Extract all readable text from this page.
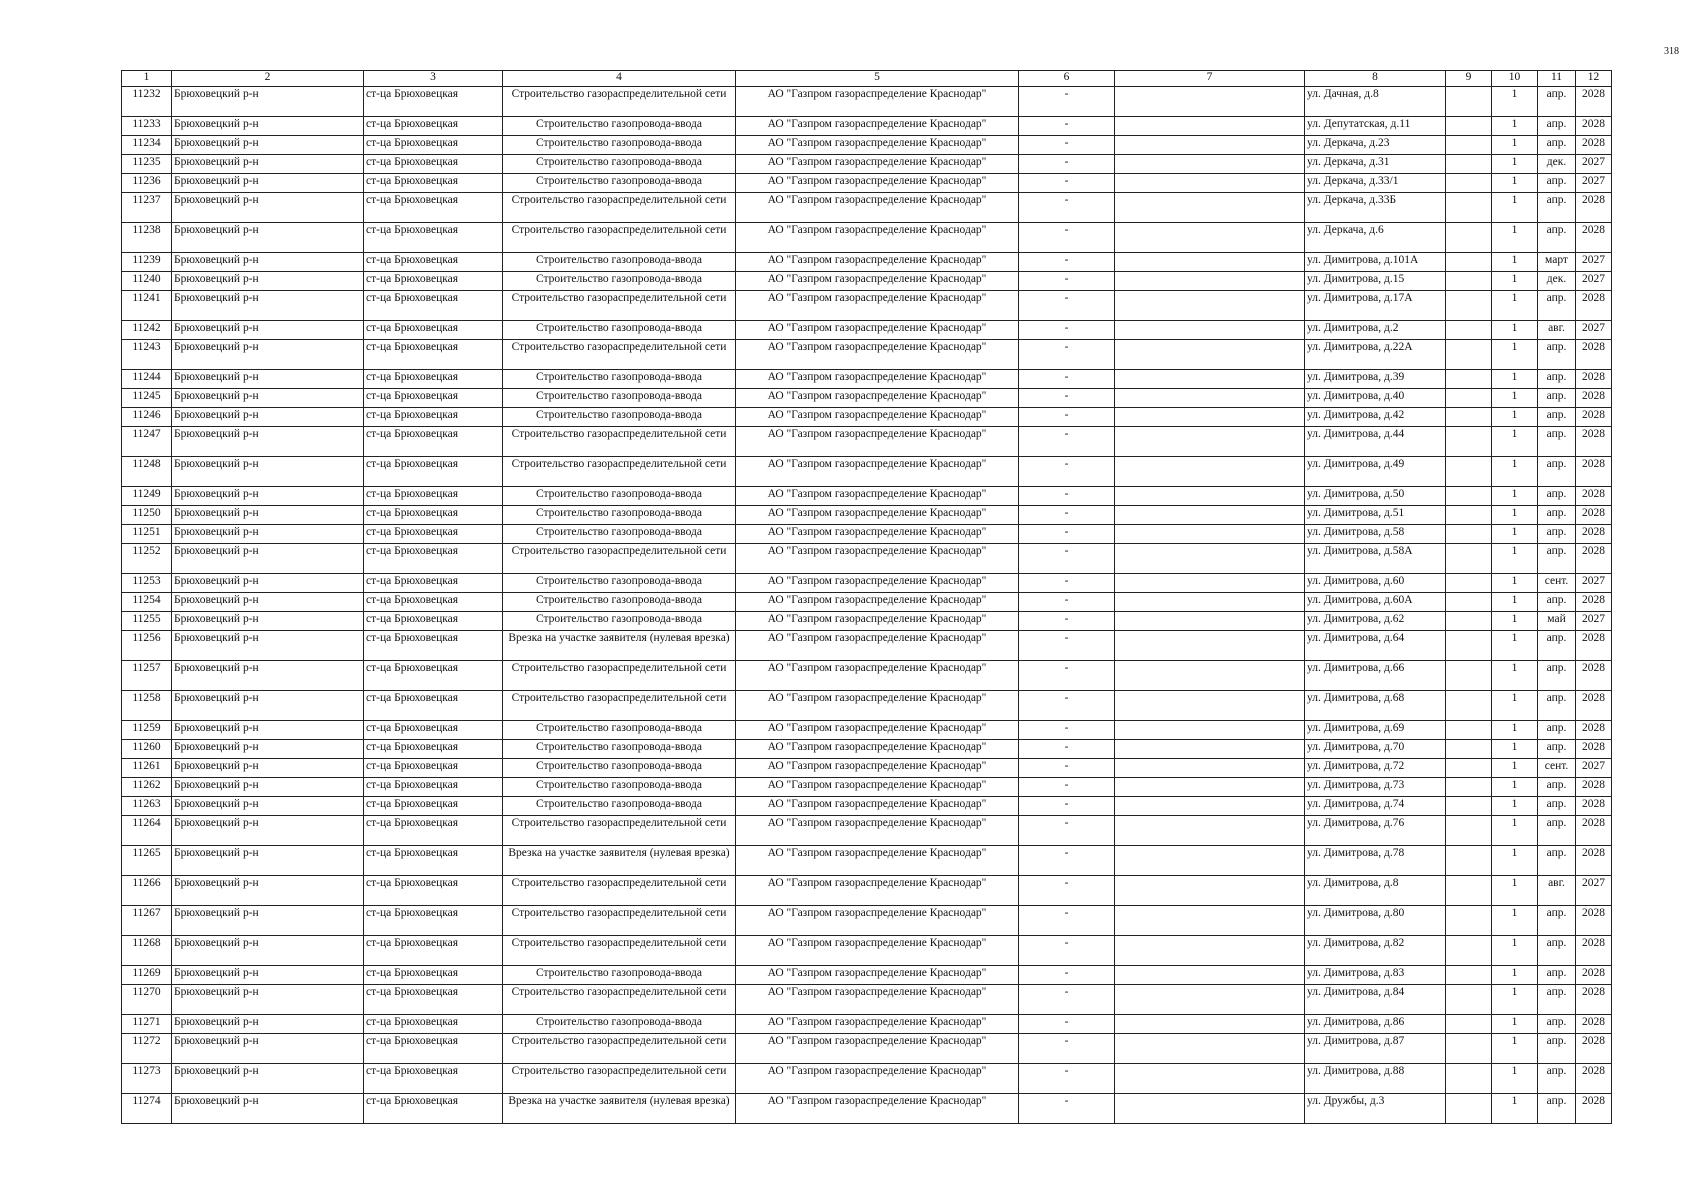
318
1	2	3	4	5	6	7	8	9	10	11	12
11232	Брюховецкий р-н	ст-ца Брюховецкая	Строительство газораспределительной сети	АО "Газпром газораспределение Краснодар"	-		ул. Дачная, д.8		1	апр.	2028
11233	Брюховецкий р-н	ст-ца Брюховецкая	Строительство газопровода-ввода	АО "Газпром газораспределение Краснодар"	-		ул. Депутатская, д.11		1	апр.	2028
11234	Брюховецкий р-н	ст-ца Брюховецкая	Строительство газопровода-ввода	АО "Газпром газораспределение Краснодар"	-		ул. Деркача, д.23		1	апр.	2028
11235	Брюховецкий р-н	ст-ца Брюховецкая	Строительство газопровода-ввода	АО "Газпром газораспределение Краснодар"	-		ул. Деркача, д.31		1	дек.	2027
11236	Брюховецкий р-н	ст-ца Брюховецкая	Строительство газопровода-ввода	АО "Газпром газораспределение Краснодар"	-		ул. Деркача, д.33/1		1	апр.	2027
11237	Брюховецкий р-н	ст-ца Брюховецкая	Строительство газораспределительной сети	АО "Газпром газораспределение Краснодар"	-		ул. Деркача, д.33Б		1	апр.	2028
11238	Брюховецкий р-н	ст-ца Брюховецкая	Строительство газораспределительной сети	АО "Газпром газораспределение Краснодар"	-		ул. Деркача, д.6		1	апр.	2028
11239	Брюховецкий р-н	ст-ца Брюховецкая	Строительство газопровода-ввода	АО "Газпром газораспределение Краснодар"	-		ул. Димитрова, д.101А		1	март	2027
11240	Брюховецкий р-н	ст-ца Брюховецкая	Строительство газопровода-ввода	АО "Газпром газораспределение Краснодар"	-		ул. Димитрова, д.15		1	дек.	2027
11241	Брюховецкий р-н	ст-ца Брюховецкая	Строительство газораспределительной сети	АО "Газпром газораспределение Краснодар"	-		ул. Димитрова, д.17А		1	апр.	2028
11242	Брюховецкий р-н	ст-ца Брюховецкая	Строительство газопровода-ввода	АО "Газпром газораспределение Краснодар"	-		ул. Димитрова, д.2		1	авг.	2027
11243	Брюховецкий р-н	ст-ца Брюховецкая	Строительство газораспределительной сети	АО "Газпром газораспределение Краснодар"	-		ул. Димитрова, д.22А		1	апр.	2028
11244	Брюховецкий р-н	ст-ца Брюховецкая	Строительство газопровода-ввода	АО "Газпром газораспределение Краснодар"	-		ул. Димитрова, д.39		1	апр.	2028
11245	Брюховецкий р-н	ст-ца Брюховецкая	Строительство газопровода-ввода	АО "Газпром газораспределение Краснодар"	-		ул. Димитрова, д.40		1	апр.	2028
11246	Брюховецкий р-н	ст-ца Брюховецкая	Строительство газопровода-ввода	АО "Газпром газораспределение Краснодар"	-		ул. Димитрова, д.42		1	апр.	2028
11247	Брюховецкий р-н	ст-ца Брюховецкая	Строительство газораспределительной сети	АО "Газпром газораспределение Краснодар"	-		ул. Димитрова, д.44		1	апр.	2028
11248	Брюховецкий р-н	ст-ца Брюховецкая	Строительство газораспределительной сети	АО "Газпром газораспределение Краснодар"	-		ул. Димитрова, д.49		1	апр.	2028
11249	Брюховецкий р-н	ст-ца Брюховецкая	Строительство газопровода-ввода	АО "Газпром газораспределение Краснодар"	-		ул. Димитрова, д.50		1	апр.	2028
11250	Брюховецкий р-н	ст-ца Брюховецкая	Строительство газопровода-ввода	АО "Газпром газораспределение Краснодар"	-		ул. Димитрова, д.51		1	апр.	2028
11251	Брюховецкий р-н	ст-ца Брюховецкая	Строительство газопровода-ввода	АО "Газпром газораспределение Краснодар"	-		ул. Димитрова, д.58		1	апр.	2028
11252	Брюховецкий р-н	ст-ца Брюховецкая	Строительство газораспределительной сети	АО "Газпром газораспределение Краснодар"	-		ул. Димитрова, д.58А		1	апр.	2028
11253	Брюховецкий р-н	ст-ца Брюховецкая	Строительство газопровода-ввода	АО "Газпром газораспределение Краснодар"	-		ул. Димитрова, д.60		1	сент.	2027
11254	Брюховецкий р-н	ст-ца Брюховецкая	Строительство газопровода-ввода	АО "Газпром газораспределение Краснодар"	-		ул. Димитрова, д.60А		1	апр.	2028
11255	Брюховецкий р-н	ст-ца Брюховецкая	Строительство газопровода-ввода	АО "Газпром газораспределение Краснодар"	-		ул. Димитрова, д.62		1	май	2027
11256	Брюховецкий р-н	ст-ца Брюховецкая	Врезка на участке заявителя (нулевая врезка)	АО "Газпром газораспределение Краснодар"	-		ул. Димитрова, д.64		1	апр.	2028
11257	Брюховецкий р-н	ст-ца Брюховецкая	Строительство газораспределительной сети	АО "Газпром газораспределение Краснодар"	-		ул. Димитрова, д.66		1	апр.	2028
11258	Брюховецкий р-н	ст-ца Брюховецкая	Строительство газораспределительной сети	АО "Газпром газораспределение Краснодар"	-		ул. Димитрова, д.68		1	апр.	2028
11259	Брюховецкий р-н	ст-ца Брюховецкая	Строительство газопровода-ввода	АО "Газпром газораспределение Краснодар"	-		ул. Димитрова, д.69		1	апр.	2028
11260	Брюховецкий р-н	ст-ца Брюховецкая	Строительство газопровода-ввода	АО "Газпром газораспределение Краснодар"	-		ул. Димитрова, д.70		1	апр.	2028
11261	Брюховецкий р-н	ст-ца Брюховецкая	Строительство газопровода-ввода	АО "Газпром газораспределение Краснодар"	-		ул. Димитрова, д.72		1	сент.	2027
11262	Брюховецкий р-н	ст-ца Брюховецкая	Строительство газопровода-ввода	АО "Газпром газораспределение Краснодар"	-		ул. Димитрова, д.73		1	апр.	2028
11263	Брюховецкий р-н	ст-ца Брюховецкая	Строительство газопровода-ввода	АО "Газпром газораспределение Краснодар"	-		ул. Димитрова, д.74		1	апр.	2028
11264	Брюховецкий р-н	ст-ца Брюховецкая	Строительство газораспределительной сети	АО "Газпром газораспределение Краснодар"	-		ул. Димитрова, д.76		1	апр.	2028
11265	Брюховецкий р-н	ст-ца Брюховецкая	Врезка на участке заявителя (нулевая врезка)	АО "Газпром газораспределение Краснодар"	-		ул. Димитрова, д.78		1	апр.	2028
11266	Брюховецкий р-н	ст-ца Брюховецкая	Строительство газораспределительной сети	АО "Газпром газораспределение Краснодар"	-		ул. Димитрова, д.8		1	авг.	2027
11267	Брюховецкий р-н	ст-ца Брюховецкая	Строительство газораспределительной сети	АО "Газпром газораспределение Краснодар"	-		ул. Димитрова, д.80		1	апр.	2028
11268	Брюховецкий р-н	ст-ца Брюховецкая	Строительство газораспределительной сети	АО "Газпром газораспределение Краснодар"	-		ул. Димитрова, д.82		1	апр.	2028
11269	Брюховецкий р-н	ст-ца Брюховецкая	Строительство газопровода-ввода	АО "Газпром газораспределение Краснодар"	-		ул. Димитрова, д.83		1	апр.	2028
11270	Брюховецкий р-н	ст-ца Брюховецкая	Строительство газораспределительной сети	АО "Газпром газораспределение Краснодар"	-		ул. Димитрова, д.84		1	апр.	2028
11271	Брюховецкий р-н	ст-ца Брюховецкая	Строительство газопровода-ввода	АО "Газпром газораспределение Краснодар"	-		ул. Димитрова, д.86		1	апр.	2028
11272	Брюховецкий р-н	ст-ца Брюховецкая	Строительство газораспределительной сети	АО "Газпром газораспределение Краснодар"	-		ул. Димитрова, д.87		1	апр.	2028
11273	Брюховецкий р-н	ст-ца Брюховецкая	Строительство газораспределительной сети	АО "Газпром газораспределение Краснодар"	-		ул. Димитрова, д.88		1	апр.	2028
11274	Брюховецкий р-н	ст-ца Брюховецкая	Врезка на участке заявителя (нулевая врезка)	АО "Газпром газораспределение Краснодар"	-		ул. Дружбы, д.3		1	апр.	2028
